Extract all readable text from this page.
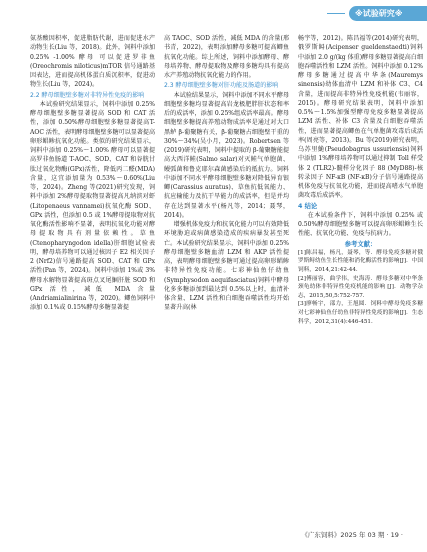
※试验研究※

氨基酸因积率，促进脂肪代谢，进而促进水产动物生长(Liu 等，2018)。此外，饲料中添加 0.25% -1.00% 酵母 可以促进罗非鱼(Oreochromis niloticus)mTOR 信号通路基因表达，进而提高机体蛋白质沉积率，促进动物生长(Liu 等，2024)。

2.2 酵母细胞壁多糖对非特异性免疫的影响

本试验研究结果显示，饲料中添加 0.25%酵母细胞壁多糖显著提高 SOD 和 CAT 活性，添加 0.50%酵母细胞壁多糖显著提高T-AOC 活性，表明酵母细胞壁多糖可以显著提高卵形鲳鲹抗氧化功能。类似的研究结果显示，饲料中添加 0.25%～1.00% 酵母可以显著提高罗非鱼肠道 T-AOC、SOD、CAT 和谷胱甘肽过氧化物酶(GPx)活性，降低丙二醛(MDA)含量，这宜添加量为 0.53%～0.60%(Liu 等，2024)。Zheng 等(2021)研究发现，饲料中添加 2%酵母提取物显著提高凡纳滨对虾(Litopenaeus vannamei)抗氧化酶 SOD、GPx 活性，但添加 0.5 或 1%酵母提取物对抗氧化酶活性影响不显著，表明抗氧化功能对酵母提取物具有剂量依赖性。草鱼(Ctenopharyngodon idella)肝细胞试验表明，酵母培养物可以通过核因子 E2 相关因子 2 (Nrf2)信号通路提高 SOD、CAT 和 GPx 活性(Pan 等，2024)。饲料中添加 1%或 3%酵母水解物显著提高斑点叉尾鮰肝脏 SOD 和 GPx 活性，减低 MDA 含量(Andriamialinirina 等，2020)。鲫鱼饲料中添加 0.1%或 0.15%酵母多糖显著提

高 TAOC、SOD 活性，减低 MDA 的含量(邢书青，2022)，表明添加酵母多糖可提高鲫鱼抗氧化功能。综上所述，饲料中添加酵母、酵母培养物、酵母提取物及酵母多糖均具有提高水产养殖动物抗氧化能力的作用。

2.3 酵母细胞壁多糖对肝功能及肠道的影响

本试验结果显示，饲料中添加不同水平酵母细胞壁多糖均显著提高岩龙极肥胖肝状态和率后的成活率，添加 0.25%组成活率最高。酵母细胞壁多糖提高养殖动物成活率是通过对大口黑鲈 β-葡聚糖有关，β-葡聚糖占细胞壁干重的 30%～34%(吴小月，2023)。Robertsen 等(2019)研究表明，饲料中提取的 β-葡聚糖能提高大西洋鲑(Salmo salar)对灭鲑气单胞菌、鳗弧菌和鲁克耶尔森菌感染后的抵抗力。饲料中添加不同水平酵母细胞壁多糖对降低异育银鲫(Carassius auratus)、草鱼抗低氧能力、抗应输能力及抗干旱能力的成活率，但是并均存在达到显著水平(杨凡等，2014；聂琴，2014)。

增强机体免疫力和抗氧化能力可以有效降低环境胁迫或病菌感染造成的疾病暴发甚至死亡。本试验研究结果显示，饲料中添加 0.25%酵母细胞壁多糖血清 LZM 和 AKP 活性提高，表明酵母细胞壁多糖可通过提高卵形鲳鲹非特异性免疫功能。七彩神仙鱼仔幼鱼(Symphysodon aequifasciatus)饲料中酵母化多多糖添加到最达到 0.5%以上时，血清补体含量、LZM 活性和白细胞吞噬活性均开始显著升高(林

畅宇等，2012)。陈昌福等(2014)研究表明，俄罗斯鲟(Acipenser gueldenstaedti)饲料中添加 2.0 g/(kg 体重)酵母多糖显著提高白细胞吞噬活性和 LZM 活性。饲料中添加 0.12%酵母多糖通过提高中华条(Mauremys sinensis)幼体血清中 LZM 和补体 C3、C4 含量，进而提高非特异性免疫机能(韦丽容，2015)。酵母研究结果表明，饲料中添加 0.5%～1.5%加强型酵母免疫多糖显著提高 LZM 活性、补体 C3 含量及白细胞吞噬活性，进而显著提高鲫鱼在气单胞菌攻毒后成活率(周亮等，2013)。Bu 等(2019)研究表明，乌苏里鮠(Pseudobagrus ussuriensis)饲料中添加 1%酵母培养物可以通过抑制 Toll 样受体 2 (TLR2)-髓样分化因子 88 (MyD88)-核转录因子 NF-κB (NF-κB)分子信号通路提高机体免疫与抗氧化功能，进而提高嗜水气单胞菌攻毒后成活率。

4 结论

在本试验条件下，饲料中添加 0.25% 或 0.50%酵母细胞壁多糖可以提高卵形鲳鲹生长性能、抗氧化功能、免疫与抗病力。

参考文献：

[1]陈昌福，杨凡，聂琴，等．酵母免疫多糖对俄罗斯鲟幼鱼生长性能和消化酶活性的影响[J]．中国饲料，2014,21:42-44.

[2]傅丽容，曲学伟，史海涛．酵母多糖对中华条颈龟幼体非特异性免疫机能的影响 [J]．动物学杂志，2015,50,5:752-757.

[3]廖畅宇，邵力，王旭圆．饲料中酵母免疫多糖对七彩神仙鱼仔幼鱼非特异性免疫的影响[J]．生态科学，2012,31(4):446-451.

《广东饲料》2025 年 03 期 · 19 ·
